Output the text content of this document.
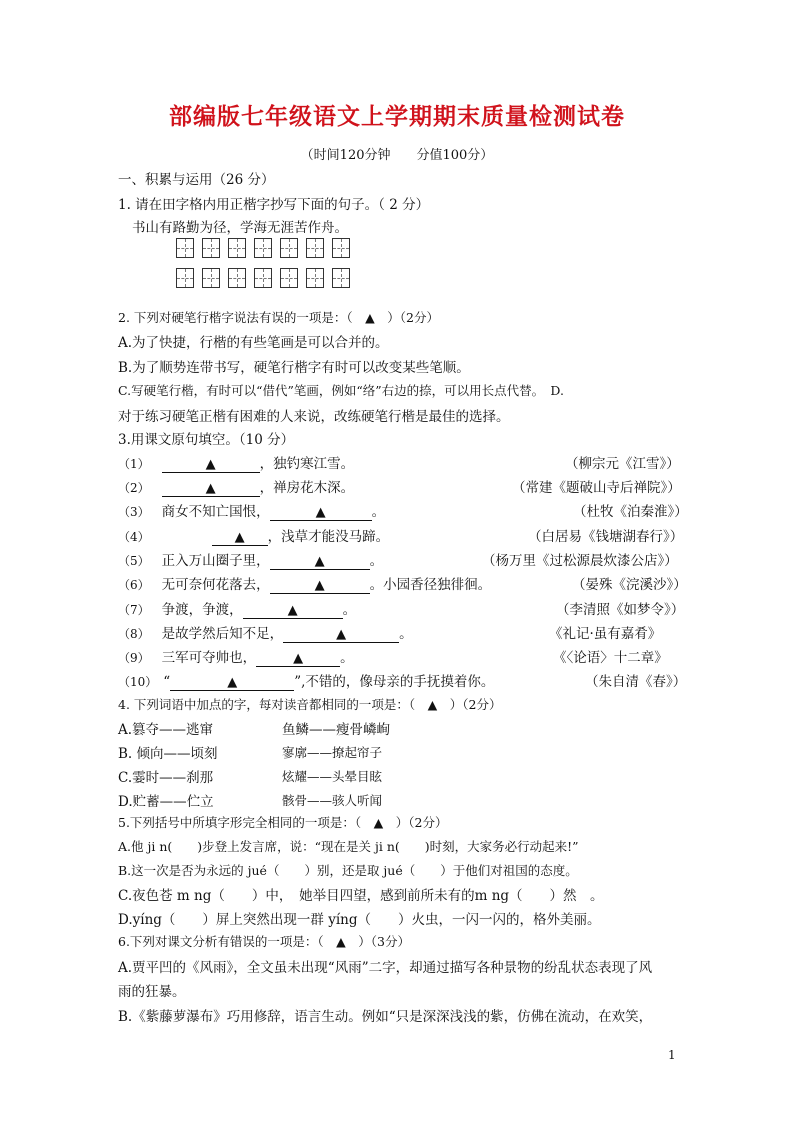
部编版七年级语文上学期期末质量检测试卷
（时间120分钟　　分值100分）
一、积累与运用（26 分）
1. 请在田字格内用正楷字抄写下面的句子。（ 2 分）
书山有路勤为径，学海无涯苦作舟。
2. 下列对硬笔行楷字说法有误的一项是：（　▲　）（2分）
A.为了快捷，行楷的有些笔画是可以合并的。
B.为了顺势连带书写，硬笔行楷字有时可以改变某些笔顺。
C.写硬笔行楷，有时可以“借代”笔画，例如“络”右边的捺，可以用长点代替。　D.
对于练习硬笔正楷有困难的人来说，改练硬笔行楷是最佳的选择。
3.用课文原句填空。（10 分）
（1）	▲	，独钓寒江雪。	（柳宗元《江雪》）
（2）	▲	，禅房花木深。	（常建《题破山寺后禅院》）
（3） 商女不知亡国恨，	▲	。	（杜牧《泊秦淮》）
（4）	▲ ，浅草才能没马蹄。	（白居易《钱塘湖春行》）
（5） 正入万山圈子里，	▲	。	（杨万里《过松源晨炊漆公店》）
（6） 无可奈何花落去，	▲	。小园香径独徘徊。	（晏殊《浣溪沙》）
（7） 争渡，争渡，	▲	。	（李清照《如梦令》）
（8） 是故学然后知不足，	▲	。	《礼记·虽有嘉肴》
（9） 三军可夺帅也，	▲	。	《〈论语〉十二章》
（10） “	▲	”,不错的，像母亲的手抚摸着你。	（朱自清《春》）
4. 下列词语中加点的字，每对读音都相同的一项是：（　▲　）（2分）
A.篡夺——逃窜	鱼鳞——瘦骨嶙峋
B. 倾向——顷刻	寥廓——撩起帘子
C.霎时——刹那	炫耀——头晕目眩
D.贮蓄——伫立	骸骨——骇人听闻
5.下列括号中所填字形完全相同的一项是：（　▲　）（2分）
A.他 ji n(　　)步登上发言席，说：“现在是关 ji n(　　)时刻，大家务必行动起来!”
B.这一次是否为永远的 jué（　　）别，还是取 jué（　　）于他们对祖国的态度。
C.夜色苍 m ng（　　）中，　她举目四望，感到前所未有的m ng（　　）然　。
D.yíng（　　）屏上突然出现一群 yíng（　　）火虫，一闪一闪的，格外美丽。
6.下列对课文分析有错误的一项是：（　▲　）（3分）
A.贾平凹的《风雨》，全文虽未出现“风雨”二字，却通过描写各种景物的纷乱状态表现了风
雨的狂暴。
B.《紫藤萝瀑布》巧用修辞，语言生动。例如“只是深深浅浅的紫，仿佛在流动，在欢笑，
1
